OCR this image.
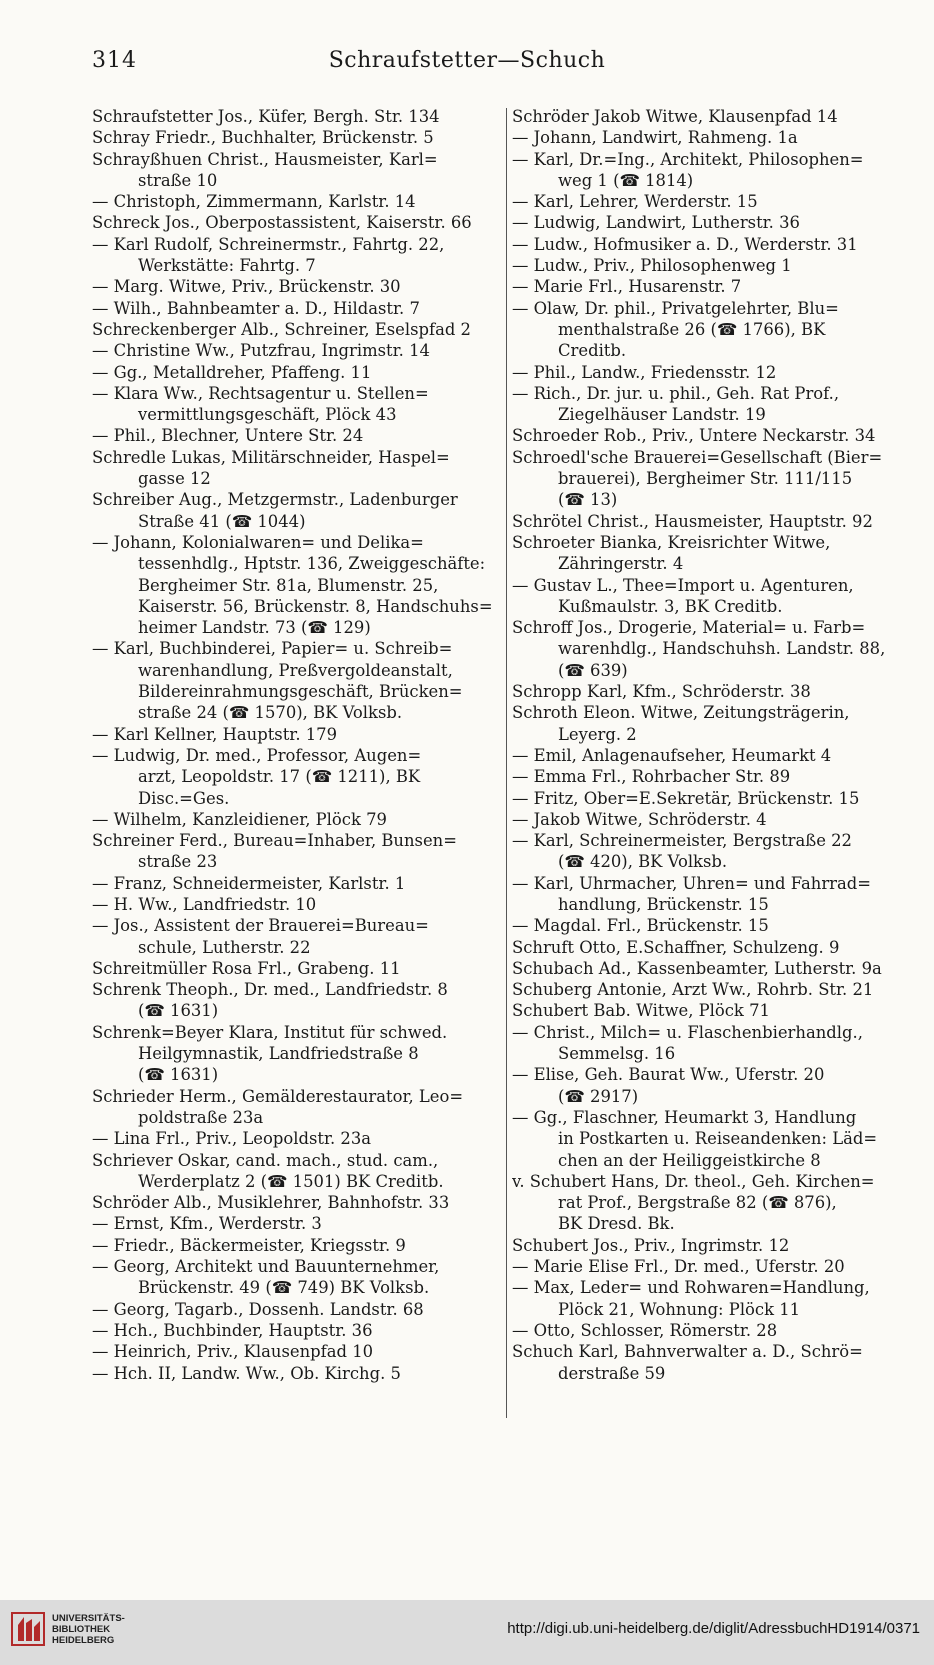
314	Schraufstetter—Schuch
Schraufstetter Jos., Küfer, Bergh. Str. 134
Schray Friedr., Buchhalter, Brückenstr. 5
Schrayßhuen Christ., Hausmeister, Karl=
straße 10
— Christoph, Zimmermann, Karlstr. 14
Schreck Jos., Oberpostassistent, Kaiserstr. 66
— Karl Rudolf, Schreinermstr., Fahrtg. 22,
Werkstätte: Fahrtg. 7
— Marg. Witwe, Priv., Brückenstr. 30
— Wilh., Bahnbeamter a. D., Hildastr. 7
Schreckenberger Alb., Schreiner, Eselspfad 2
— Christine Ww., Putzfrau, Ingrimstr. 14
— Gg., Metalldreher, Pfaffeng. 11
— Klara Ww., Rechtsagentur u. Stellen=
vermittlungsgeschäft, Plöck 43
— Phil., Blechner, Untere Str. 24
Schredle Lukas, Militärschneider, Haspel=
gasse 12
Schreiber Aug., Metzgermstr., Ladenburger
Straße 41 (☎ 1044)
— Johann, Kolonialwaren= und Delika=
tessenhdlg., Hptstr. 136, Zweiggeschäfte:
Bergheimer Str. 81a, Blumenstr. 25,
Kaiserstr. 56, Brückenstr. 8, Handschuhs=
heimer Landstr. 73 (☎ 129)
— Karl, Buchbinderei, Papier= u. Schreib=
warenhandlung, Preßvergoldeanstalt,
Bildereinrahmungsgeschäft, Brücken=
straße 24 (☎ 1570), BK Volksb.
— Karl Kellner, Hauptstr. 179
— Ludwig, Dr. med., Professor, Augen=
arzt, Leopoldstr. 17 (☎ 1211), BK
Disc.=Ges.
— Wilhelm, Kanzleidiener, Plöck 79
Schreiner Ferd., Bureau=Inhaber, Bunsen=
straße 23
— Franz, Schneidermeister, Karlstr. 1
— H. Ww., Landfriedstr. 10
— Jos., Assistent der Brauerei=Bureau=
schule, Lutherstr. 22
Schreitmüller Rosa Frl., Grabeng. 11
Schrenk Theoph., Dr. med., Landfriedstr. 8
(☎ 1631)
Schrenk=Beyer Klara, Institut für schwed.
Heilgymnastik, Landfriedstraße 8
(☎ 1631)
Schrieder Herm., Gemälderestaurator, Leo=
poldstraße 23a
— Lina Frl., Priv., Leopoldstr. 23a
Schriever Oskar, cand. mach., stud. cam.,
Werderplatz 2 (☎ 1501) BK Creditb.
Schröder Alb., Musiklehrer, Bahnhofstr. 33
— Ernst, Kfm., Werderstr. 3
— Friedr., Bäckermeister, Kriegsstr. 9
— Georg, Architekt und Bauunternehmer,
Brückenstr. 49 (☎ 749) BK Volksb.
— Georg, Tagarb., Dossenh. Landstr. 68
— Hch., Buchbinder, Hauptstr. 36
— Heinrich, Priv., Klausenpfad 10
— Hch. II, Landw. Ww., Ob. Kirchg. 5
Schröder Jakob Witwe, Klausenpfad 14
— Johann, Landwirt, Rahmeng. 1a
— Karl, Dr.=Ing., Architekt, Philosophen=
weg 1 (☎ 1814)
— Karl, Lehrer, Werderstr. 15
— Ludwig, Landwirt, Lutherstr. 36
— Ludw., Hofmusiker a. D., Werderstr. 31
— Ludw., Priv., Philosophenweg 1
— Marie Frl., Husarenstr. 7
— Olaw, Dr. phil., Privatgelehrter, Blu=
menthalstraße 26 (☎ 1766), BK
Creditb.
— Phil., Landw., Friedensstr. 12
— Rich., Dr. jur. u. phil., Geh. Rat Prof.,
Ziegelhäuser Landstr. 19
Schroeder Rob., Priv., Untere Neckarstr. 34
Schroedl'sche Brauerei=Gesellschaft (Bier=
brauerei), Bergheimer Str. 111/115
(☎ 13)
Schrötel Christ., Hausmeister, Hauptstr. 92
Schroeter Bianka, Kreisrichter Witwe,
Zähringerstr. 4
— Gustav L., Thee=Import u. Agenturen,
Kußmaulstr. 3, BK Creditb.
Schroff Jos., Drogerie, Material= u. Farb=
warenhdlg., Handschuhsh. Landstr. 88,
(☎ 639)
Schropp Karl, Kfm., Schröderstr. 38
Schroth Eleon. Witwe, Zeitungsträgerin,
Leyerg. 2
— Emil, Anlagenaufseher, Heumarkt 4
— Emma Frl., Rohrbacher Str. 89
— Fritz, Ober=E.Sekretär, Brückenstr. 15
— Jakob Witwe, Schröderstr. 4
— Karl, Schreinermeister, Bergstraße 22
(☎ 420), BK Volksb.
— Karl, Uhrmacher, Uhren= und Fahrrad=
handlung, Brückenstr. 15
— Magdal. Frl., Brückenstr. 15
Schruft Otto, E.Schaffner, Schulzeng. 9
Schubach Ad., Kassenbeamter, Lutherstr. 9a
Schuberg Antonie, Arzt Ww., Rohrb. Str. 21
Schubert Bab. Witwe, Plöck 71
— Christ., Milch= u. Flaschenbierhandlg.,
Semmelsg. 16
— Elise, Geh. Baurat Ww., Uferstr. 20
(☎ 2917)
— Gg., Flaschner, Heumarkt 3, Handlung
in Postkarten u. Reiseandenken: Läd=
chen an der Heiliggeistkirche 8
v. Schubert Hans, Dr. theol., Geh. Kirchen=
rat Prof., Bergstraße 82 (☎ 876),
BK Dresd. Bk.
Schubert Jos., Priv., Ingrimstr. 12
— Marie Elise Frl., Dr. med., Uferstr. 20
— Max, Leder= und Rohwaren=Handlung,
Plöck 21, Wohnung: Plöck 11
— Otto, Schlosser, Römerstr. 28
Schuch Karl, Bahnverwalter a. D., Schrö=
derstraße 59
UNIVERSITÄTS-
BIBLIOTHEK
HEIDELBERG
http://digi.ub.uni-heidelberg.de/diglit/AdressbuchHD1914/0371
